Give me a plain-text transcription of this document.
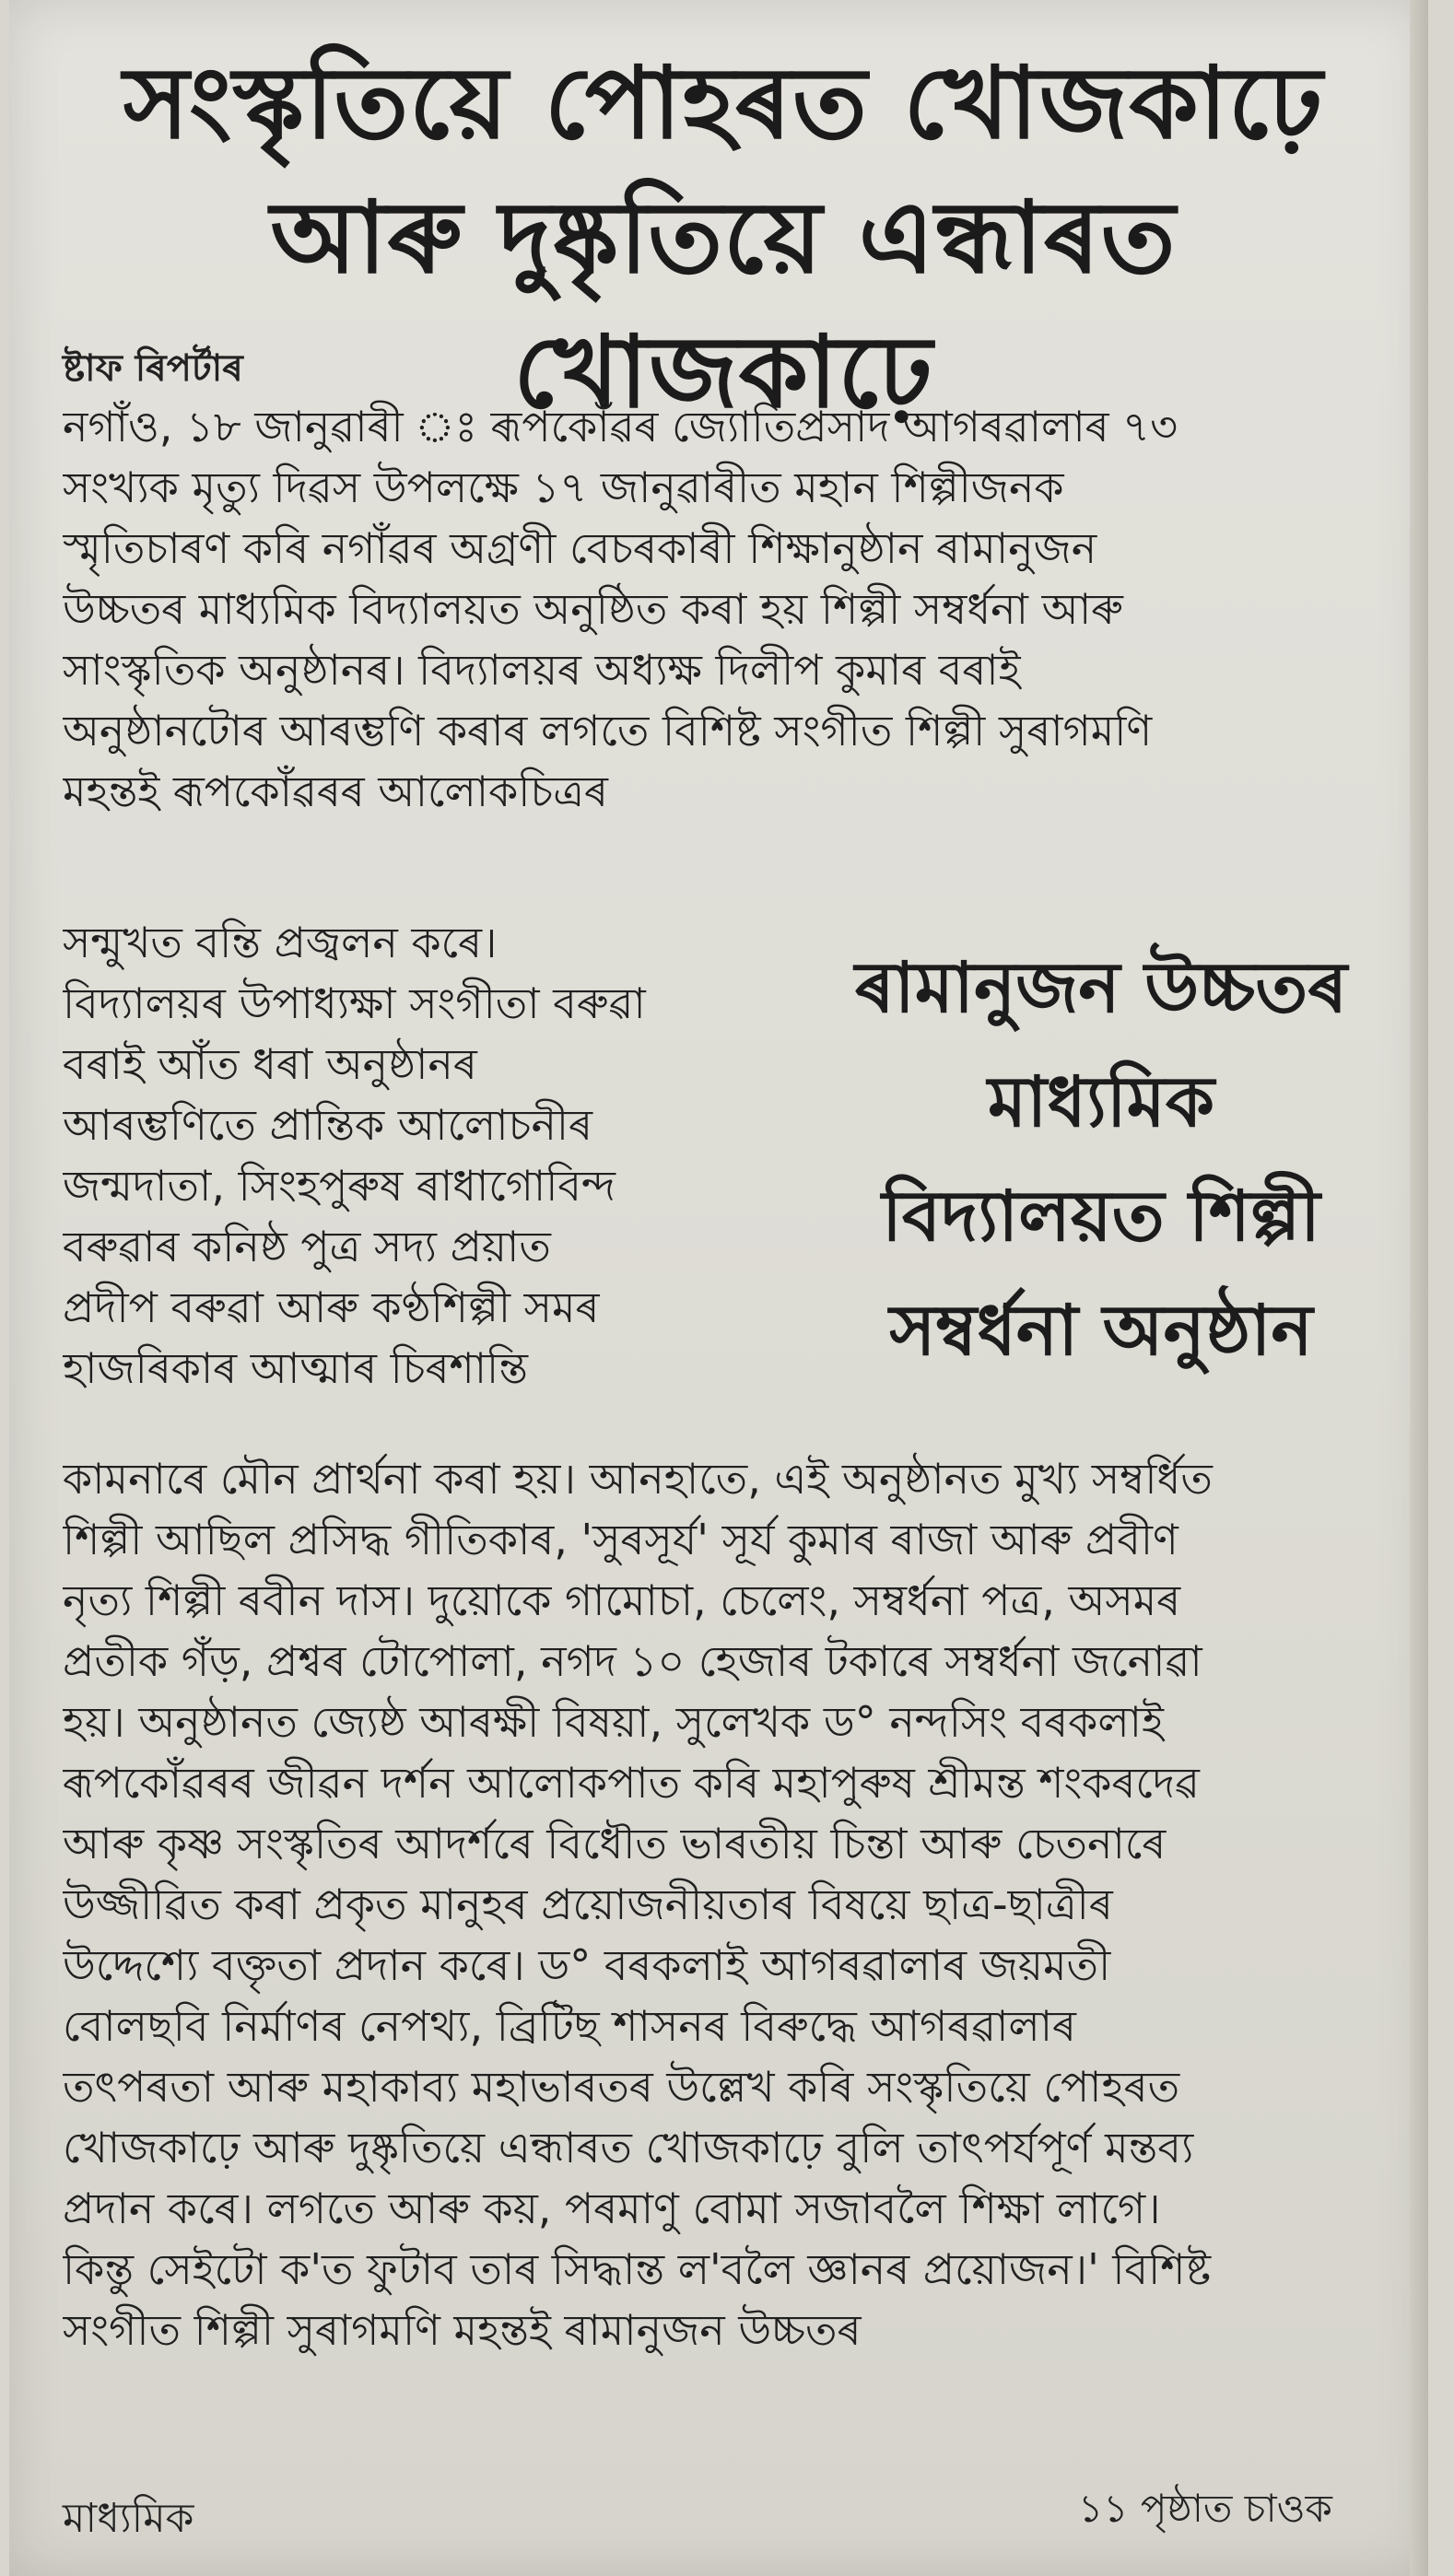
সংস্কৃতিয়ে পোহৰত খোজকাঢ়ে
আৰু দুষ্কৃতিয়ে এন্ধাৰত খোজকাঢ়ে
ষ্টাফ ৰিপৰ্টাৰ
নগাঁও, ১৮ জানুৱাৰী ঃ ৰূপকোঁৱৰ জ্যোতিপ্ৰসাদ আগৰৱালাৰ ৭৩
সংখ্যক মৃত্যু দিৱস উপলক্ষে ১৭ জানুৱাৰীত মহান শিল্পীজনক
স্মৃতিচাৰণ কৰি নগাঁৱৰ অগ্ৰণী বেচৰকাৰী শিক্ষানুষ্ঠান ৰামানুজন
উচ্চতৰ মাধ্যমিক বিদ্যালয়ত অনুষ্ঠিত কৰা হয় শিল্পী সম্বৰ্ধনা আৰু
সাংস্কৃতিক অনুষ্ঠানৰ। বিদ্যালয়ৰ অধ্যক্ষ দিলীপ কুমাৰ বৰাই
অনুষ্ঠানটোৰ আৰম্ভণি কৰাৰ লগতে বিশিষ্ট সংগীত শিল্পী সুৰাগমণি
মহন্তই ৰূপকোঁৱৰৰ আলোকচিত্ৰৰ
সন্মুখত বন্তি প্ৰজ্বলন কৰে।
বিদ্যালয়ৰ উপাধ্যক্ষা সংগীতা বৰুৱা
বৰাই আঁত ধৰা অনুষ্ঠানৰ
আৰম্ভণিতে প্ৰান্তিক আলোচনীৰ
জন্মদাতা, সিংহপুৰুষ ৰাধাগোবিন্দ
বৰুৱাৰ কনিষ্ঠ পুত্ৰ সদ্য প্ৰয়াত
প্ৰদীপ বৰুৱা আৰু কণ্ঠশিল্পী সমৰ
হাজৰিকাৰ আত্মাৰ চিৰশান্তি
ৰামানুজন উচ্চতৰ
মাধ্যমিক
বিদ্যালয়ত শিল্পী
সম্বৰ্ধনা অনুষ্ঠান
কামনাৰে মৌন প্ৰাৰ্থনা কৰা হয়। আনহাতে, এই অনুষ্ঠানত মুখ্য সম্বৰ্ধিত
শিল্পী আছিল প্ৰসিদ্ধ গীতিকাৰ, 'সুৰসূৰ্য' সূৰ্য কুমাৰ ৰাজা আৰু প্ৰবীণ
নৃত্য শিল্পী ৰবীন দাস। দুয়োকে গামোচা, চেলেং, সম্বৰ্ধনা পত্ৰ, অসমৰ
প্ৰতীক গঁড়, প্ৰশ্বৰ টোপোলা, নগদ ১০ হেজাৰ টকাৰে সম্বৰ্ধনা জনোৱা
হয়। অনুষ্ঠানত জ্যেষ্ঠ আৰক্ষী বিষয়া, সুলেখক ড° নন্দসিং বৰকলাই
ৰূপকোঁৱৰৰ জীৱন দৰ্শন আলোকপাত কৰি মহাপুৰুষ শ্ৰীমন্ত শংকৰদেৱ
আৰু কৃষ্ণ সংস্কৃতিৰ আদৰ্শৰে বিধৌত ভাৰতীয় চিন্তা আৰু চেতনাৰে
উজ্জীৱিত কৰা প্ৰকৃত মানুহৰ প্ৰয়োজনীয়তাৰ বিষয়ে ছাত্ৰ-ছাত্ৰীৰ
উদ্দেশ্যে বক্তৃতা প্ৰদান কৰে। ড° বৰকলাই আগৰৱালাৰ জয়মতী
বোলছবি নিৰ্মাণৰ নেপথ্য, ব্ৰিটিছ শাসনৰ বিৰুদ্ধে আগৰৱালাৰ
তৎপৰতা আৰু মহাকাব্য মহাভাৰতৰ উল্লেখ কৰি সংস্কৃতিয়ে পোহৰত
খোজকাঢ়ে আৰু দুষ্কৃতিয়ে এন্ধাৰত খোজকাঢ়ে বুলি তাৎপৰ্যপূৰ্ণ মন্তব্য
প্ৰদান কৰে। লগতে আৰু কয়, পৰমাণু বোমা সজাবলৈ শিক্ষা লাগে।
কিন্তু সেইটো ক'ত ফুটাব তাৰ সিদ্ধান্ত ল'বলৈ জ্ঞানৰ প্ৰয়োজন।' বিশিষ্ট
সংগীত শিল্পী সুৰাগমণি মহন্তই ৰামানুজন উচ্চতৰ
মাধ্যমিক	১১ পৃষ্ঠাত চাওক
